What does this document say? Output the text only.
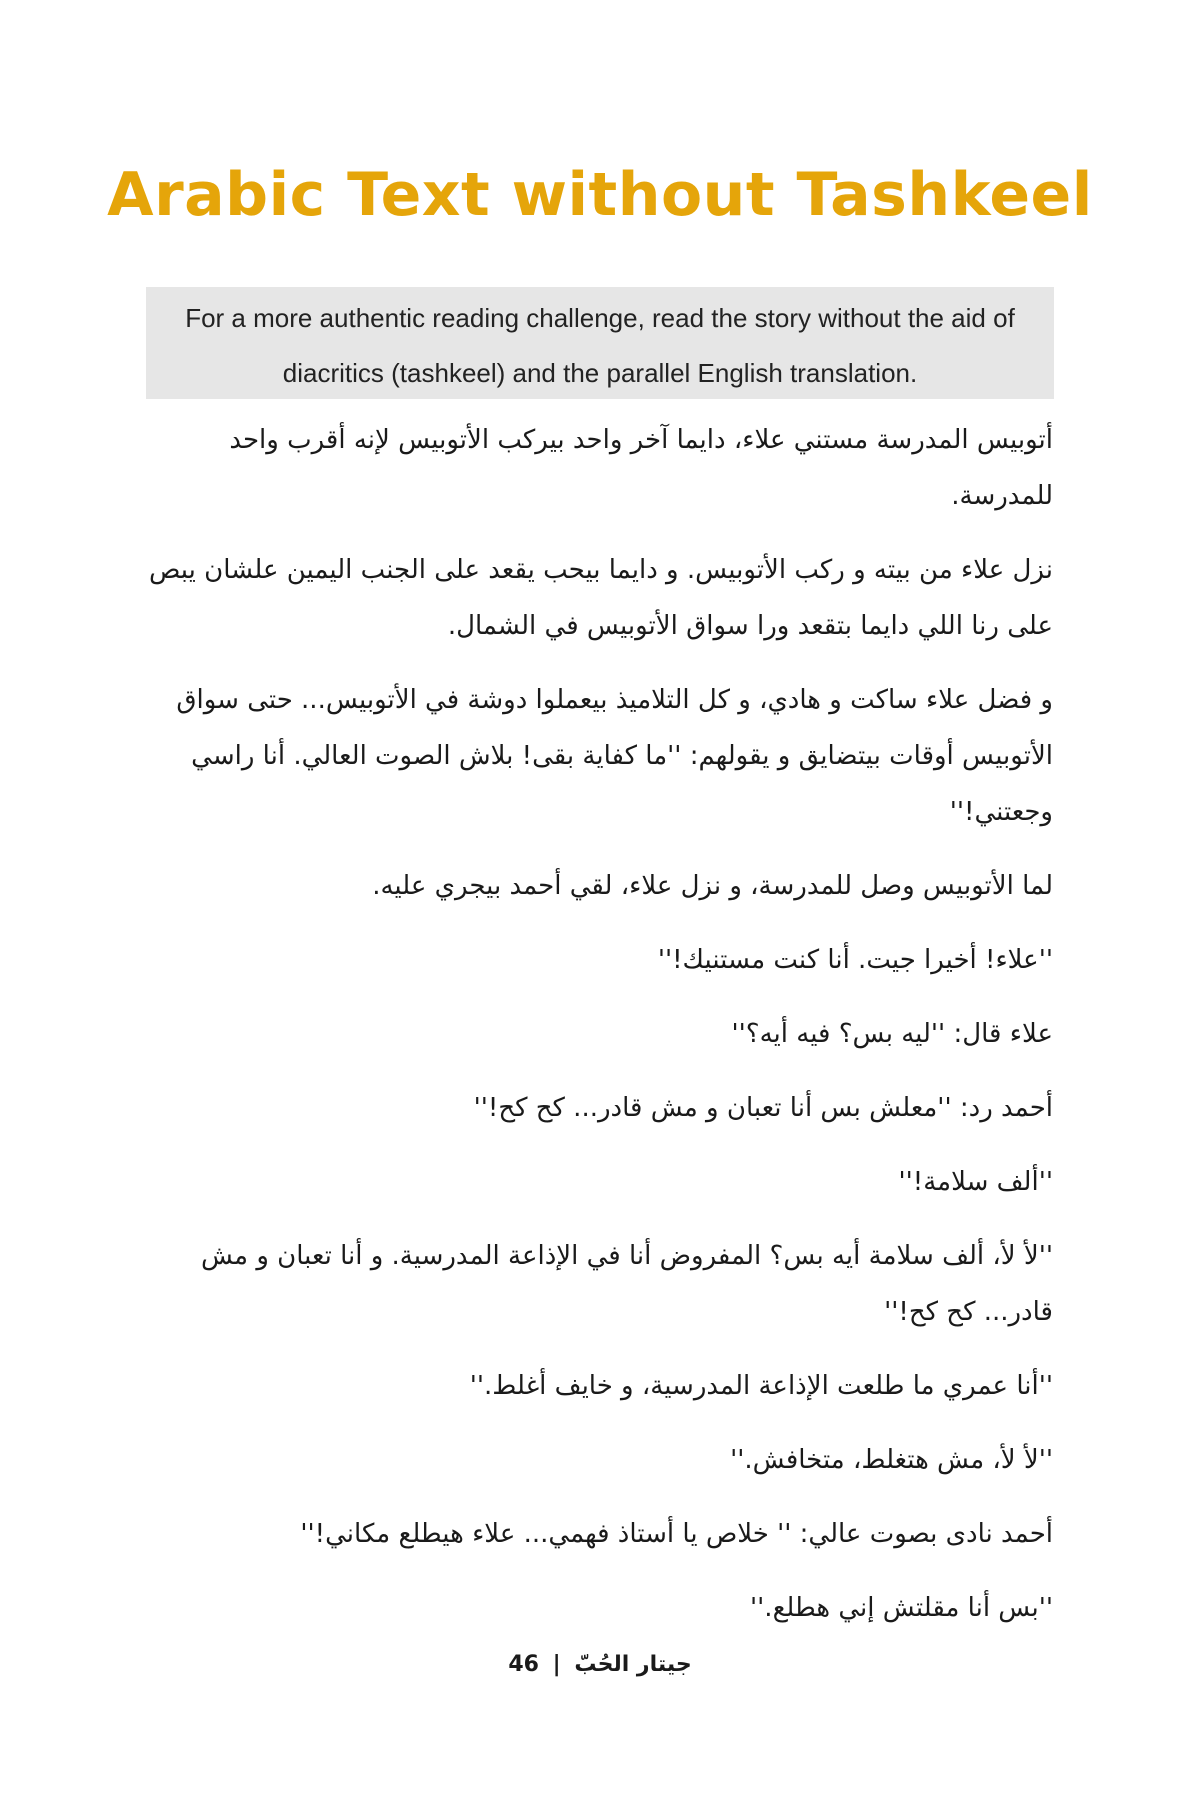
Arabic Text without Tashkeel
For a more authentic reading challenge, read the story without the aid of diacritics (tashkeel) and the parallel English translation.

أتوبيس المدرسة مستني علاء، دايما آخر واحد بيركب الأتوبيس لإنه أقرب واحد للمدرسة.

نزل علاء من بيته و ركب الأتوبيس. و دايما بيحب يقعد على الجنب اليمين علشان يبص على رنا اللي دايما بتقعد ورا سواق الأتوبيس في الشمال.

و فضل علاء ساكت و هادي، و كل التلاميذ بيعملوا دوشة في الأتوبيس... حتى سواق الأتوبيس أوقات بيتضايق و يقولهم: ''ما كفاية بقى! بلاش الصوت العالي. أنا راسي وجعتني!''

لما الأتوبيس وصل للمدرسة، و نزل علاء، لقي أحمد بيجري عليه.

''علاء! أخيرا جيت. أنا كنت مستنيك!''

علاء قال: ''ليه بس؟ فيه أيه؟''

أحمد رد: ''معلش بس أنا تعبان و مش قادر... كح كح!''

''ألف سلامة!''

''لأ لأ، ألف سلامة أيه بس؟ المفروض أنا في الإذاعة المدرسية. و أنا تعبان و مش قادر... كح كح!''

''أنا عمري ما طلعت الإذاعة المدرسية، و خايف أغلط.''

''لأ لأ، مش هتغلط، متخافش.''

أحمد نادى بصوت عالي: '' خلاص يا أستاذ فهمي... علاء هيطلع مكاني!''

''بس أنا مقلتش إني هطلع.''

46 | جيتار الحُبّ
